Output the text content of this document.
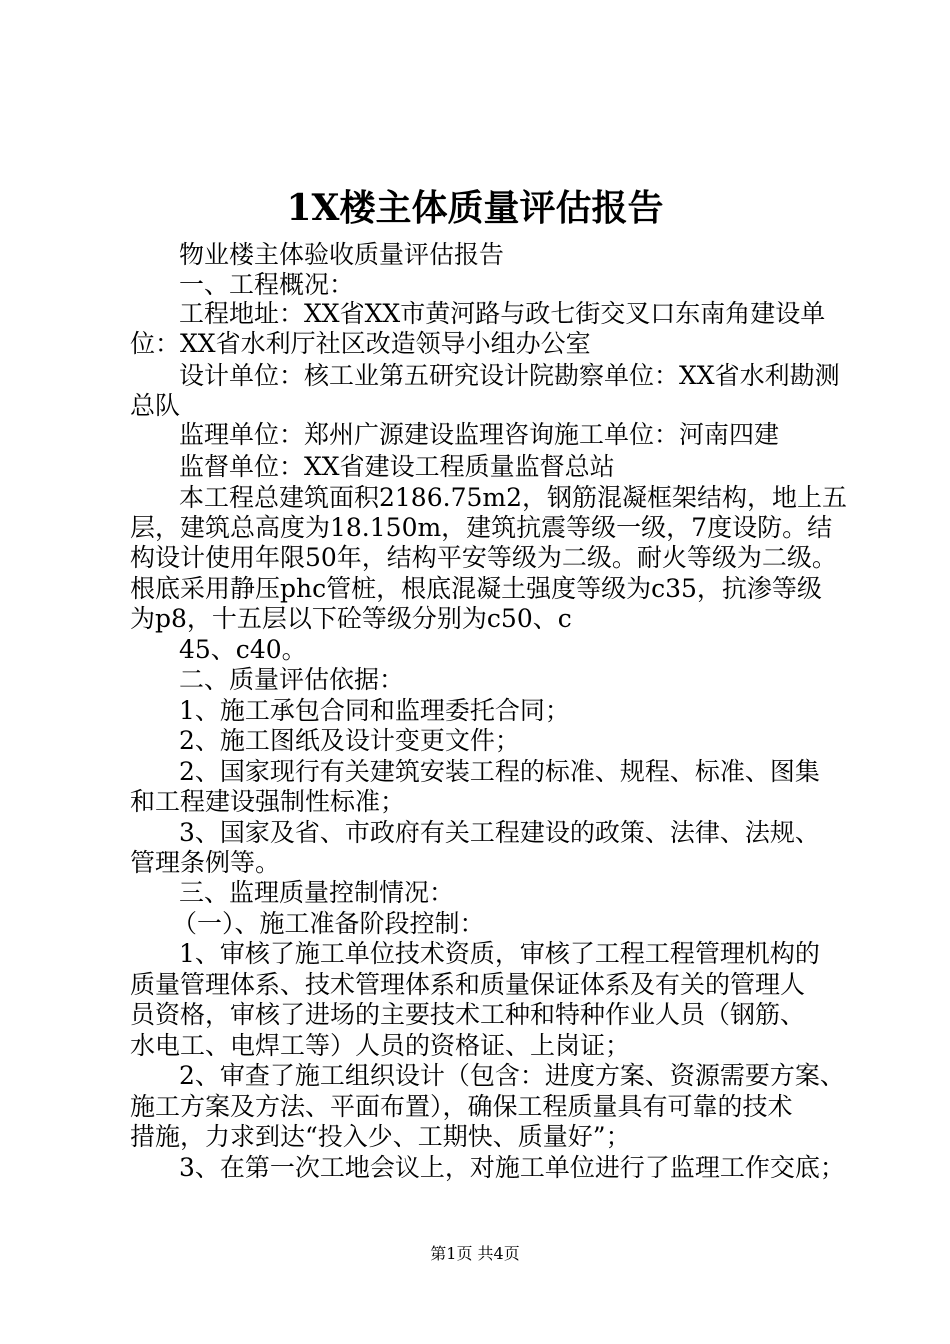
1X楼主体质量评估报告
物业楼主体验收质量评估报告
一、工程概况：
工程地址：XX省XX市黄河路与政七街交叉口东南角建设单
位：XX省水利厅社区改造领导小组办公室
设计单位：核工业第五研究设计院勘察单位：XX省水利勘测
总队
监理单位：郑州广源建设监理咨询施工单位：河南四建
监督单位：XX省建设工程质量监督总站
本工程总建筑面积2186.75m2，钢筋混凝框架结构，地上五
层，建筑总高度为18.150m，建筑抗震等级一级，7度设防。结
构设计使用年限50年，结构平安等级为二级。耐火等级为二级。
根底采用静压phc管桩，根底混凝土强度等级为c35，抗渗等级
为p8，十五层以下砼等级分别为c50、c
45、c40。
二、质量评估依据：
1、施工承包合同和监理委托合同；
2、施工图纸及设计变更文件；
2、国家现行有关建筑安装工程的标准、规程、标准、图集
和工程建设强制性标准；
3、国家及省、市政府有关工程建设的政策、法律、法规、
管理条例等。
三、监理质量控制情况：
（一）、施工准备阶段控制：
1、审核了施工单位技术资质，审核了工程工程管理机构的
质量管理体系、技术管理体系和质量保证体系及有关的管理人
员资格，审核了进场的主要技术工种和特种作业人员（钢筋、
水电工、电焊工等）人员的资格证、上岗证；
2、审查了施工组织设计（包含：进度方案、资源需要方案、
施工方案及方法、平面布置），确保工程质量具有可靠的技术
措施，力求到达“投入少、工期快、质量好”；
3、在第一次工地会议上，对施工单位进行了监理工作交底；
第1页 共4页
